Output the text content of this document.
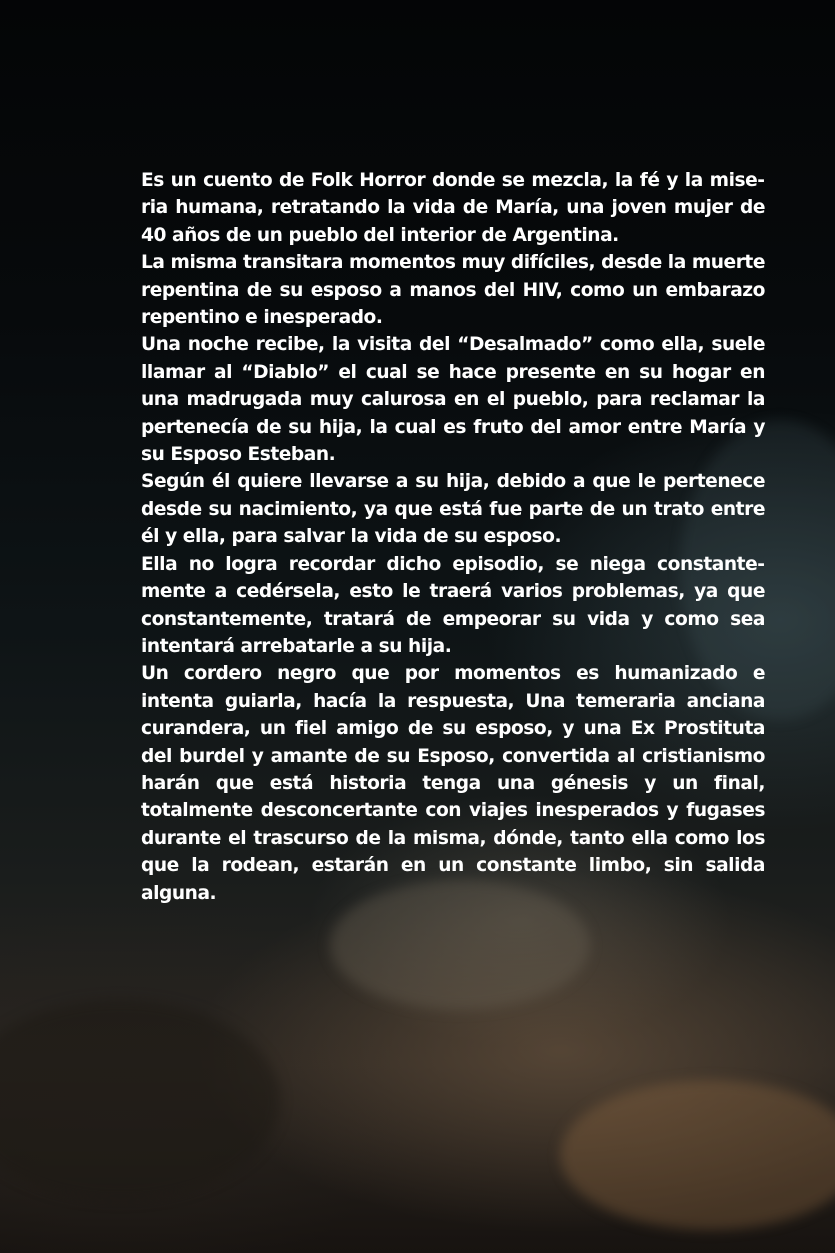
Es un cuento de Folk Horror donde se mezcla, la fé y la miseria humana, retratando la vida de María, una joven mujer de 40 años de un pueblo del interior de Argentina.

La misma transitara momentos muy difíciles, desde la muerte repentina de su esposo a manos del HIV, como un embarazo repentino e inesperado.

Una noche recibe, la visita del “Desalmado” como ella, suele llamar al “Diablo” el cual se hace presente en su hogar en una madrugada muy calurosa en el pueblo, para reclamar la pertenecía de su hija, la cual es fruto del amor entre María y su Esposo Esteban.

Según él quiere llevarse a su hija, debido a que le pertenece desde su nacimiento, ya que está fue parte de un trato entre él y ella, para salvar la vida de su esposo.

Ella no logra recordar dicho episodio, se niega constantemente a cedérsela, esto le traerá varios problemas, ya que constantemente, tratará de empeorar su vida y como sea intentará arrebatarle a su hija.

Un cordero negro que por momentos es humanizado e intenta guiarla, hacía la respuesta, Una temeraria anciana curandera, un fiel amigo de su esposo, y una Ex Prostituta del burdel y amante de su Esposo, convertida al cristianismo harán que está historia tenga una génesis y un final, totalmente desconcertante con viajes inesperados y fugases durante el trascurso de la misma, dónde, tanto ella como los que la rodean, estarán en un constante limbo, sin salida alguna.
